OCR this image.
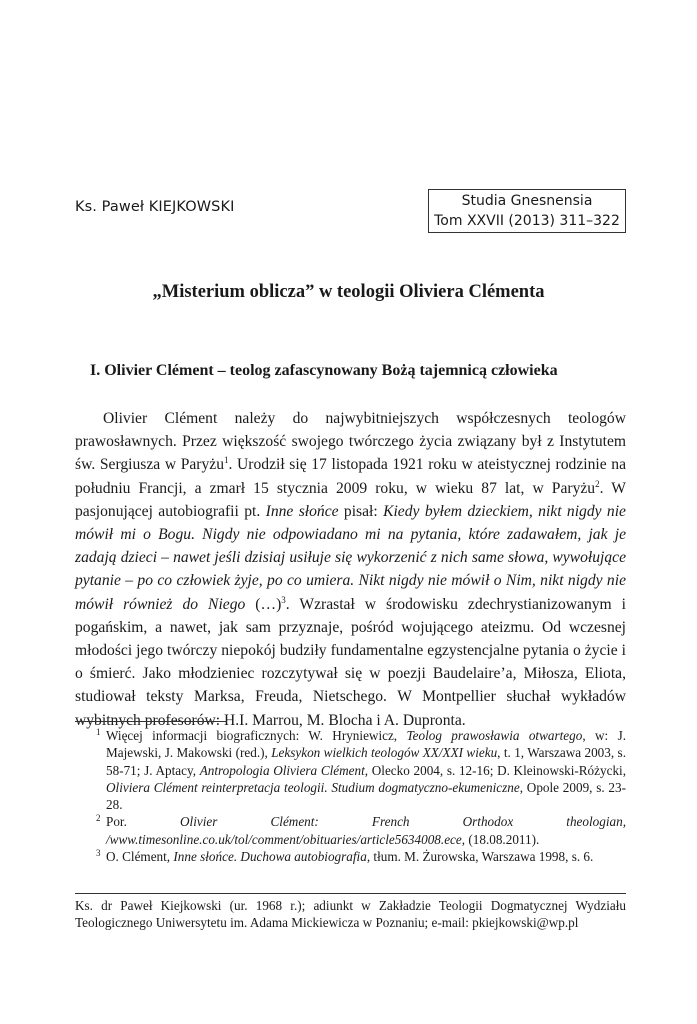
Ks. Paweł KIEJKOWSKI	Studia Gnesnensia
Tom XXVII (2013) 311–322
„Misterium oblicza” w teologii Oliviera Clémenta
I. Olivier Clément – teolog zafascynowany Bożą tajemnicą człowieka

Olivier Clément należy do najwybitniejszych współczesnych teologów prawosławnych. Przez większość swojego twórczego życia związany był z Instytutem św. Sergiusza w Paryżu$^1$. Urodził się 17 listopada 1921 roku w ateistycznej rodzinie na południu Francji, a zmarł 15 stycznia 2009 roku, w wieku 87 lat, w Paryżu$^2$. W pasjonującej autobiografii pt. Inne słońce pisał: Kiedy byłem dzieckiem, nikt nigdy nie mówił mi o Bogu. Nigdy nie odpowiadano mi na pytania, które zadawałem, jak je zadają dzieci – nawet jeśli dzisiaj usiłuje się wykorzenić z nich same słowa, wywołujące pytanie – po co człowiek żyje, po co umiera. Nikt nigdy nie mówił o Nim, nikt nigdy nie mówił również do Niego (…)$^3$. Wzrastał w środowisku zdechrystianizowanym i pogańskim, a nawet, jak sam przyznaje, pośród wojującego ateizmu. Od wczesnej młodości jego twórczy niepokój budziły fundamentalne egzystencjalne pytania o życie i o śmierć. Jako młodzieniec rozczytywał się w poezji Baudelaire’a, Miłosza, Eliota, studiował teksty Marksa, Freuda, Nietschego. W Montpellier słuchał wykładów wybitnych profesorów: H.I. Marrou, M. Blocha i A. Dupronta.

$^1$ Więcej informacji biograficznych: W. Hryniewicz, Teolog prawosławia otwartego, w: J. Majewski, J. Makowski (red.), Leksykon wielkich teologów XX/XXI wieku, t. 1, Warszawa 2003, s. 58-71; J. Aptacy, Antropologia Oliviera Clément, Olecko 2004, s. 12-16; D. Kleinowski-Różycki, Oliviera Clément reinterpretacja teologii. Studium dogmatyczno-ekumeniczne, Opole 2009, s. 23-28.

$^2$ Por. Olivier Clément: French Orthodox theologian, /www.timesonline.co.uk/tol/comment/obituaries/article5634008.ece, (18.08.2011).

$^3$ O. Clément, Inne słońce. Duchowa autobiografia, tłum. M. Żurowska, Warszawa 1998, s. 6.

Ks. dr Paweł Kiejkowski (ur. 1968 r.); adiunkt w Zakładzie Teologii Dogmatycznej Wydziału Teologicznego Uniwersytetu im. Adama Mickiewicza w Poznaniu; e-mail: pkiejkowski@wp.pl
